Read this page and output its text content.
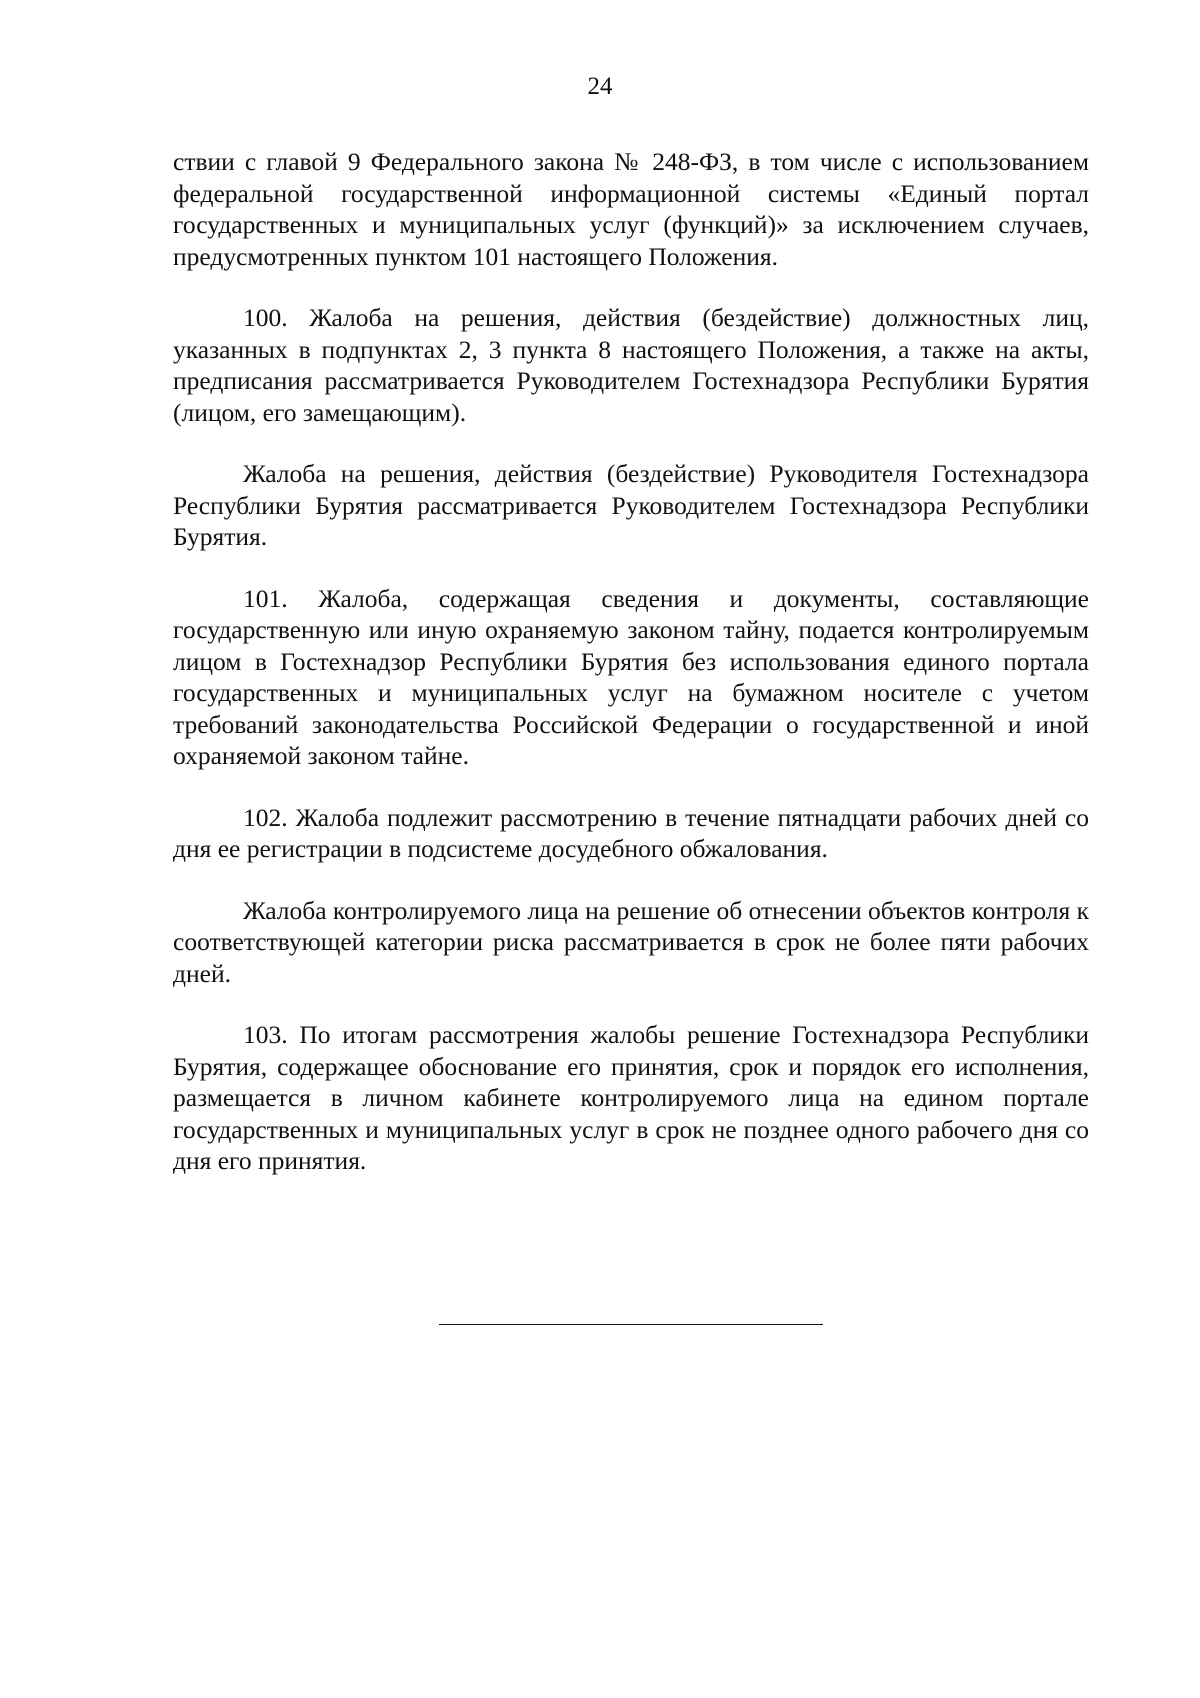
24

ствии с главой 9 Федерального закона № 248-ФЗ, в том числе с использованием федеральной государственной информационной системы «Единый портал государственных и муниципальных услуг (функций)» за исключением случаев, предусмотренных пунктом 101 настоящего Положения.

100. Жалоба на решения, действия (бездействие) должностных лиц, указанных в подпунктах 2, 3 пункта 8 настоящего Положения, а также на акты, предписания рассматривается Руководителем Гостехнадзора Республики Бурятия (лицом, его замещающим).

Жалоба на решения, действия (бездействие) Руководителя Гостехнадзора Республики Бурятия рассматривается Руководителем Гостехнадзора Республики Бурятия.

101. Жалоба, содержащая сведения и документы, составляющие государственную или иную охраняемую законом тайну, подается контролируемым лицом в Гостехнадзор Республики Бурятия без использования единого портала государственных и муниципальных услуг на бумажном носителе с учетом требований законодательства Российской Федерации о государственной и иной охраняемой законом тайне.

102. Жалоба подлежит рассмотрению в течение пятнадцати рабочих дней со дня ее регистрации в подсистеме досудебного обжалования.

Жалоба контролируемого лица на решение об отнесении объектов контроля к соответствующей категории риска рассматривается в срок не более пяти рабочих дней.

103. По итогам рассмотрения жалобы решение Гостехнадзора Республики Бурятия, содержащее обоснование его принятия, срок и порядок его исполнения, размещается в личном кабинете контролируемого лица на едином портале государственных и муниципальных услуг в срок не позднее одного рабочего дня со дня его принятия.
